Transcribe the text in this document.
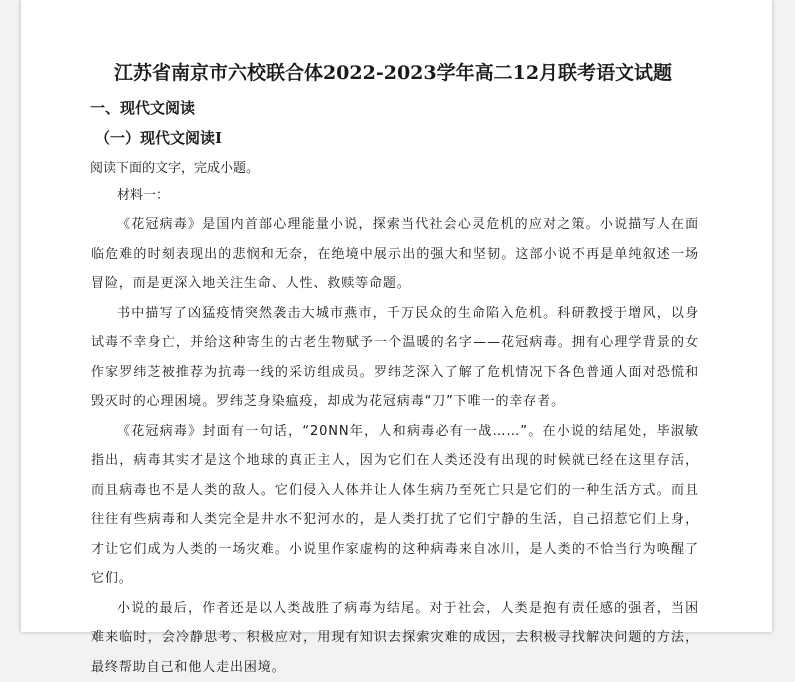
江苏省南京市六校联合体2022-2023学年高二12月联考语文试题
一、现代文阅读
（一）现代文阅读Ⅰ
阅读下面的文字，完成小题。
材料一：

《花冠病毒》是国内首部心理能量小说，探索当代社会心灵危机的应对之策。小说描写人在面临危难的时刻表现出的悲悯和无奈，在绝境中展示出的强大和坚韧。这部小说不再是单纯叙述一场冒险，而是更深入地关注生命、人性、救赎等命题。

书中描写了凶猛疫情突然袭击大城市燕市，千万民众的生命陷入危机。科研教授于增风，以身试毒不幸身亡，并给这种寄生的古老生物赋予一个温暖的名字——花冠病毒。拥有心理学背景的女作家罗纬芝被推荐为抗毒一线的采访组成员。罗纬芝深入了解了危机情况下各色普通人面对恐慌和毁灭时的心理困境。罗纬芝身染瘟疫，却成为花冠病毒“刀”下唯一的幸存者。

《花冠病毒》封面有一句话，“20NN年，人和病毒必有一战……”。在小说的结尾处，毕淑敏指出，病毒其实才是这个地球的真正主人，因为它们在人类还没有出现的时候就已经在这里存活，而且病毒也不是人类的敌人。它们侵入人体并让人体生病乃至死亡只是它们的一种生活方式。而且往往有些病毒和人类完全是井水不犯河水的，是人类打扰了它们宁静的生活，自己招惹它们上身，才让它们成为人类的一场灾难。小说里作家虚构的这种病毒来自冰川，是人类的不恰当行为唤醒了它们。

小说的最后，作者还是以人类战胜了病毒为结尾。对于社会，人类是抱有责任感的强者，当困难来临时，会冷静思考、积极应对，用现有知识去探索灾难的成因，去积极寻找解决问题的方法，最终帮助自己和他人走出困境。
